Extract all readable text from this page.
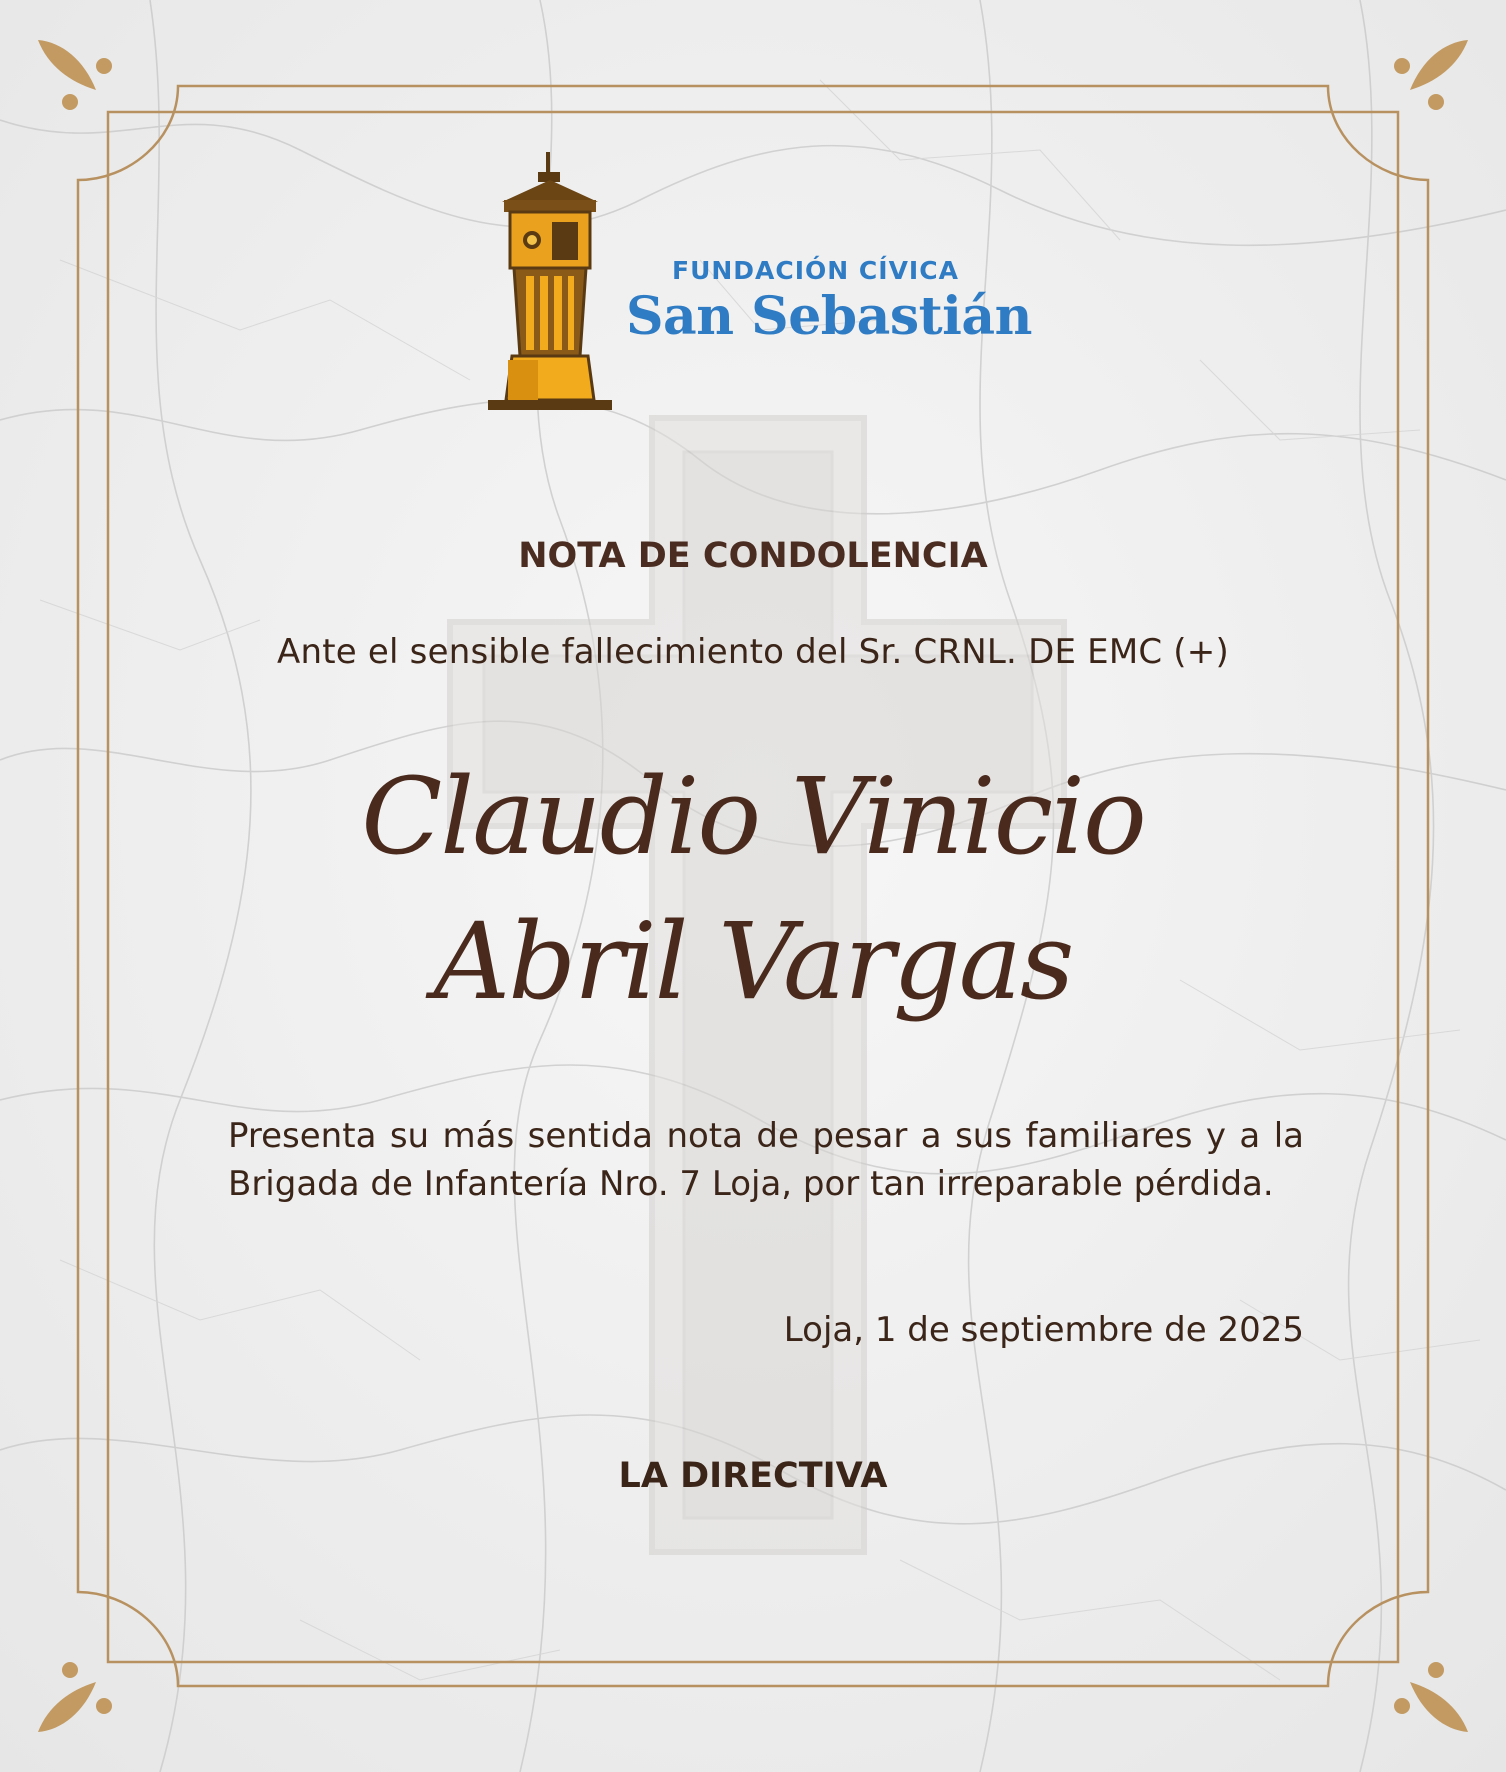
FUNDACIÓN CÍVICA
San Sebastián
NOTA DE CONDOLENCIA
Ante el sensible fallecimiento del Sr. CRNL. DE EMC (+)
Claudio Vinicio
Abril Vargas
Presenta su más sentida nota de pesar a sus familiares y a la Brigada de Infantería Nro. 7 Loja, por tan irreparable pérdida.
Loja, 1 de septiembre de 2025
LA DIRECTIVA
